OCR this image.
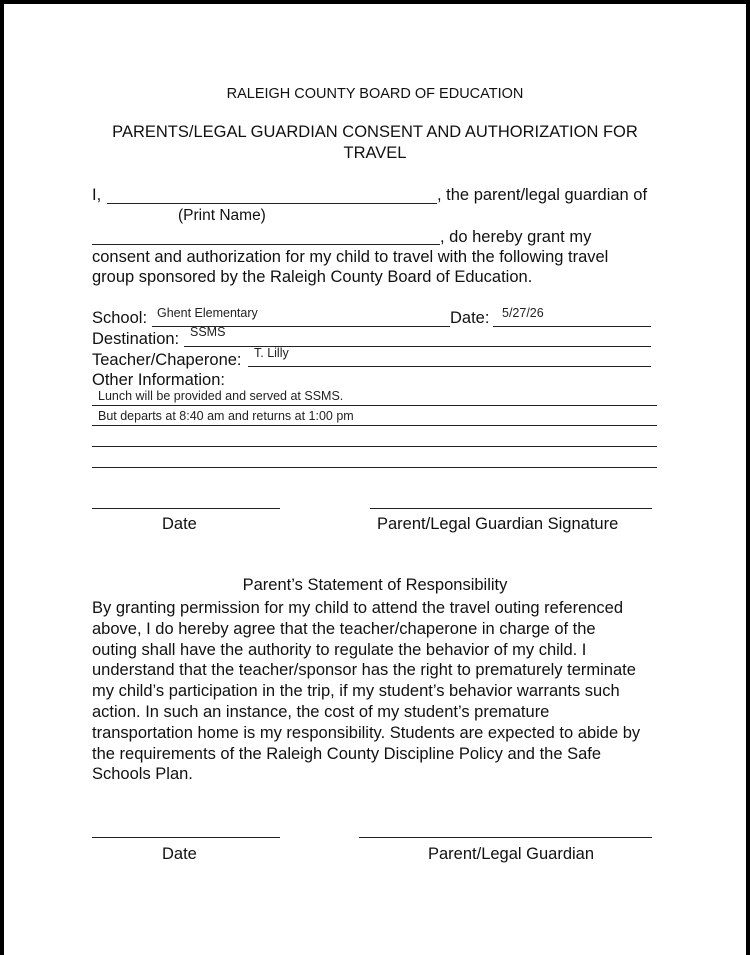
RALEIGH COUNTY BOARD OF EDUCATION
PARENTS/LEGAL GUARDIAN CONSENT AND AUTHORIZATION FOR TRAVEL
I,	, the parent/legal guardian of
(Print Name)
, do hereby grant my
consent and authorization for my child to travel with the following travel
group sponsored by the Raleigh County Board of Education.
School: Ghent Elementary	Date: 5/27/26
Destination: SSMS
Teacher/Chaperone: T. Lilly
Other Information:
Lunch will be provided and served at SSMS.
But departs at 8:40 am and returns at 1:00 pm
Date	Parent/Legal Guardian Signature
Parent’s Statement of Responsibility
By granting permission for my child to attend the travel outing referenced
above, I do hereby agree that the teacher/chaperone in charge of the
outing shall have the authority to regulate the behavior of my child. I
understand that the teacher/sponsor has the right to prematurely terminate
my child’s participation in the trip, if my student’s behavior warrants such
action. In such an instance, the cost of my student’s premature
transportation home is my responsibility. Students are expected to abide by
the requirements of the Raleigh County Discipline Policy and the Safe
Schools Plan.
Date	Parent/Legal Guardian
